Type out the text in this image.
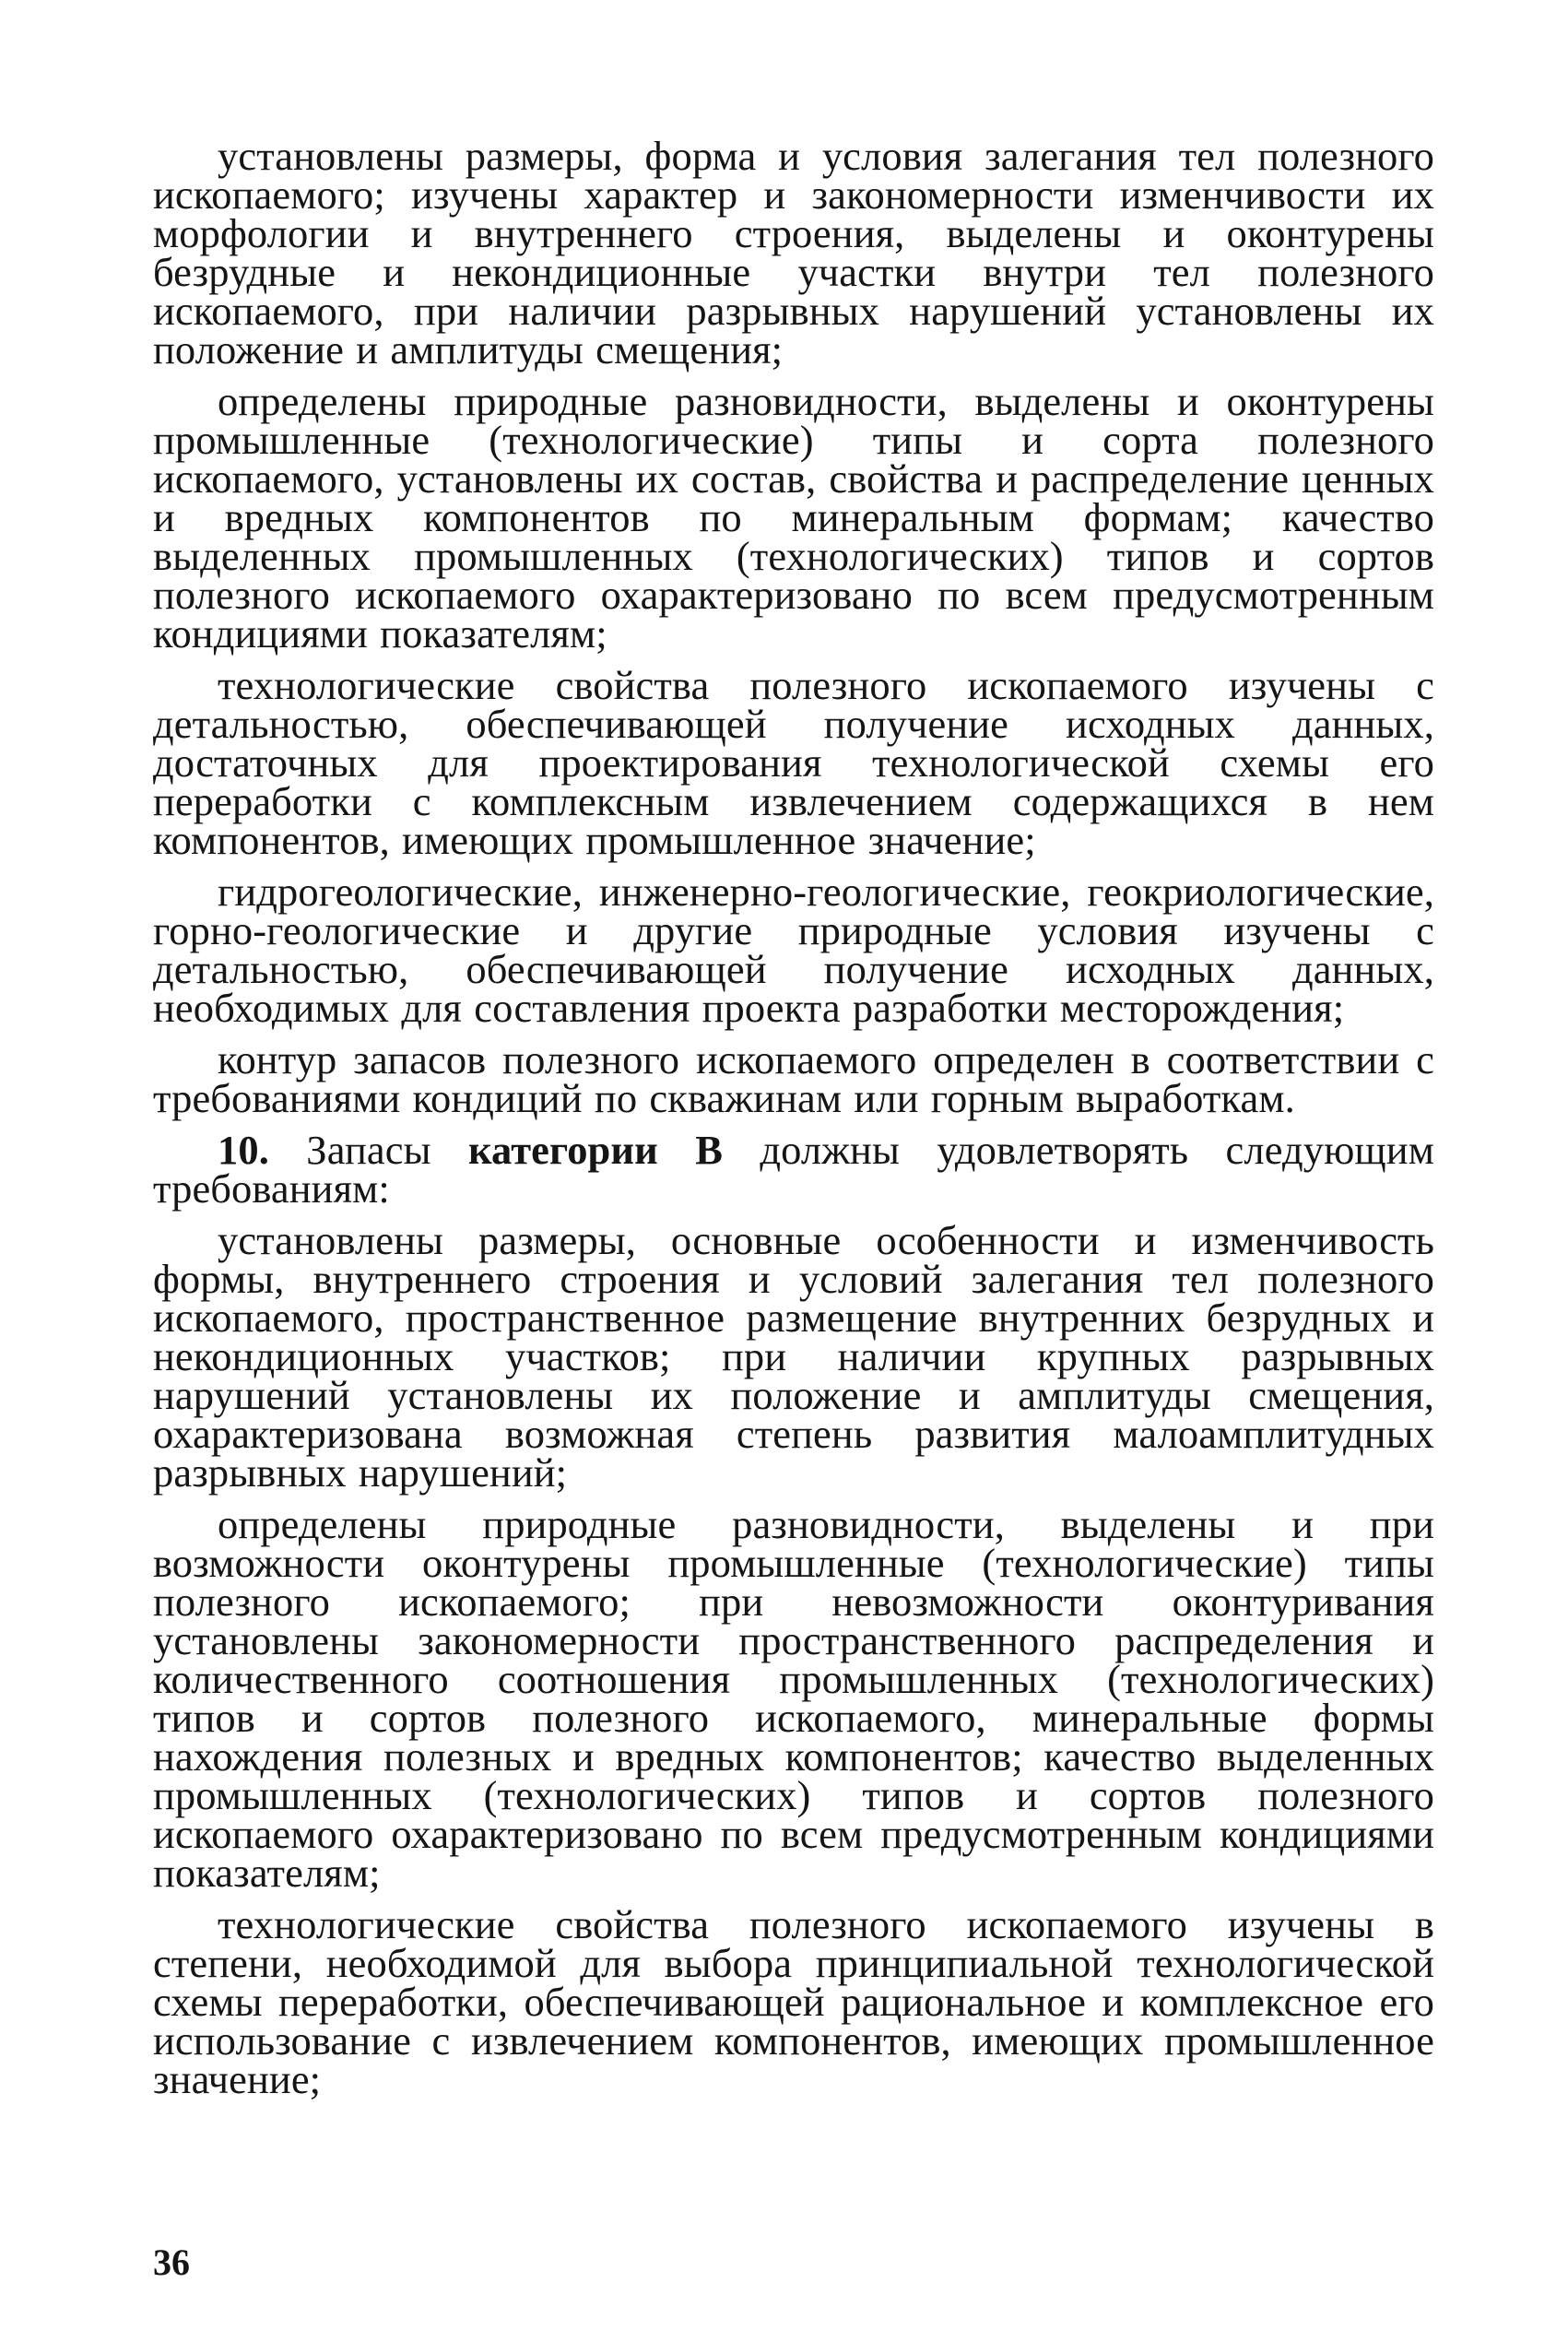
установлены размеры, форма и условия залегания тел полезного ископаемого; изучены характер и закономерности изменчивости их морфологии и внутреннего строения, выделены и оконтурены безрудные и некондиционные участки внутри тел полезного ископаемого, при наличии разрывных нарушений установлены их положение и амплитуды смещения;

определены природные разновидности, выделены и оконтурены промышленные (технологические) типы и сорта полезного ископаемого, установлены их состав, свойства и распределение ценных и вредных компонентов по минеральным формам; качество выделенных промышленных (технологических) типов и сортов полезного ископаемого охарактеризовано по всем предусмотренным кондициями показателям;

технологические свойства полезного ископаемого изучены с детальностью, обеспечивающей получение исходных данных, достаточных для проектирования технологической схемы его переработки с комплексным извлечением содержащихся в нем компонентов, имеющих промышленное значение;

гидрогеологические, инженерно-геологические, геокриологические, горно-геологические и другие природные условия изучены с детальностью, обеспечивающей получение исходных данных, необходимых для составления проекта разработки месторождения;

контур запасов полезного ископаемого определен в соответствии с требованиями кондиций по скважинам или горным выработкам.

10. Запасы категории B должны удовлетворять следующим требованиям:

установлены размеры, основные особенности и изменчивость формы, внутреннего строения и условий залегания тел полезного ископаемого, пространственное размещение внутренних безрудных и некондиционных участков; при наличии крупных разрывных нарушений установлены их положение и амплитуды смещения, охарактеризована возможная степень развития малоамплитудных разрывных нарушений;

определены природные разновидности, выделены и при возможности оконтурены промышленные (технологические) типы полезного ископаемого; при невозможности оконтуривания установлены закономерности пространственного распределения и количественного соотношения промышленных (технологических) типов и сортов полезного ископаемого, минеральные формы нахождения полезных и вредных компонентов; качество выделенных промышленных (технологических) типов и сортов полезного ископаемого охарактеризовано по всем предусмотренным кондициями показателям;

технологические свойства полезного ископаемого изучены в степени, необходимой для выбора принципиальной технологической схемы переработки, обеспечивающей рациональное и комплексное его использование с извлечением компонентов, имеющих промышленное значение;

36
